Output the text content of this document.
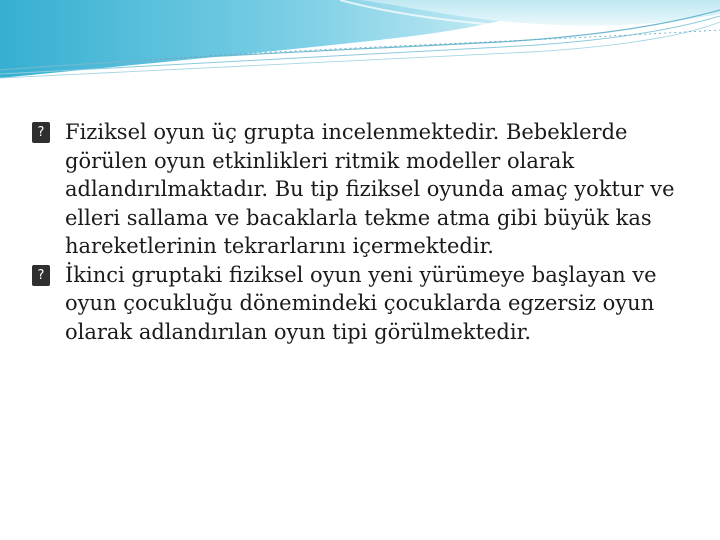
? Fiziksel oyun üç grupta incelenmektedir. Bebeklerde görülen oyun etkinlikleri ritmik modeller olarak adlandırılmaktadır. Bu tip fiziksel oyunda amaç yoktur ve elleri sallama ve bacaklarla tekme atma gibi büyük kas hareketlerinin tekrarlarını içermektedir.
? İkinci gruptaki fiziksel oyun yeni yürümeye başlayan ve oyun çocukluğu dönemindeki çocuklarda egzersiz oyun olarak adlandırılan oyun tipi görülmektedir.
